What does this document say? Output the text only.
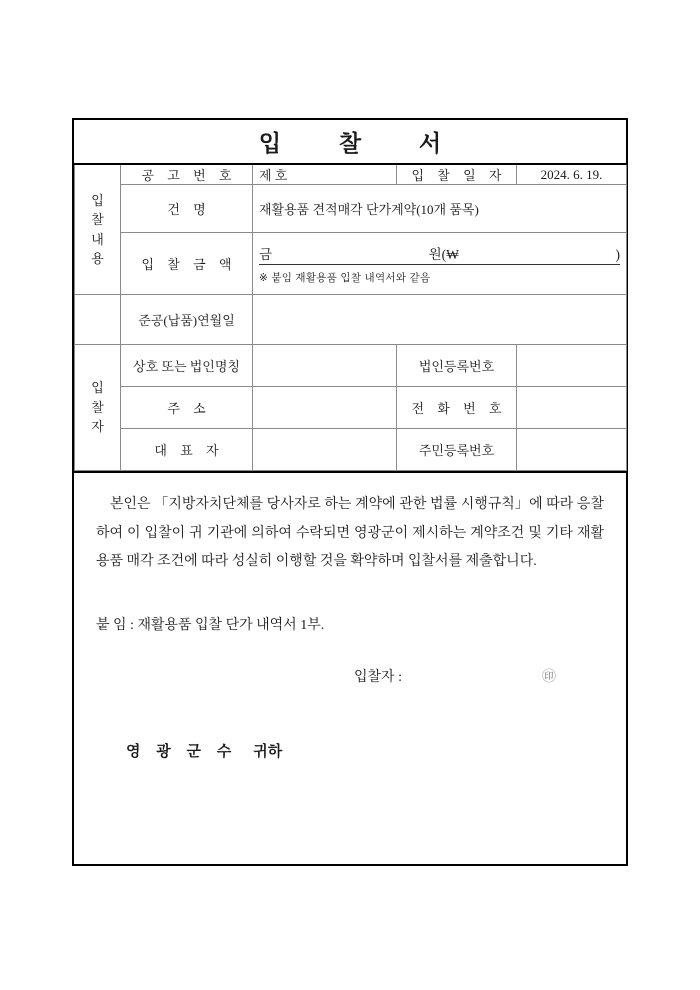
입 찰 서
입
찰
내
용	공 고 번 호	제 호	입 찰 일 자	2024. 6. 19.
	건 명	재활용품 견적매각 단가계약(10개 품목)		
	입 찰 금 액	금 원(₩ )
※ 붙임 재활용품 입찰 내역서와 같음		

	준공(납품)연월일			

입
찰
자	상호 또는 법인명칭		법인등록번호	
	주 소		전 화 번 호	
	대 표 자		주민등록번호	

본인은 「지방자치단체를 당사자로 하는 계약에 관한 법률 시행규칙」에 따라 응찰하여 이 입찰이 귀 기관에 의하여 수락되면 영광군이 제시하는 계약조건 및 기타 재활용품 매각 조건에 따라 성실히 이행할 것을 확약하며 입찰서를 제출합니다.

붙 임 : 재활용품 입찰 단가 내역서 1부.
입찰자 :	㊞
영 광 군 수 귀하
